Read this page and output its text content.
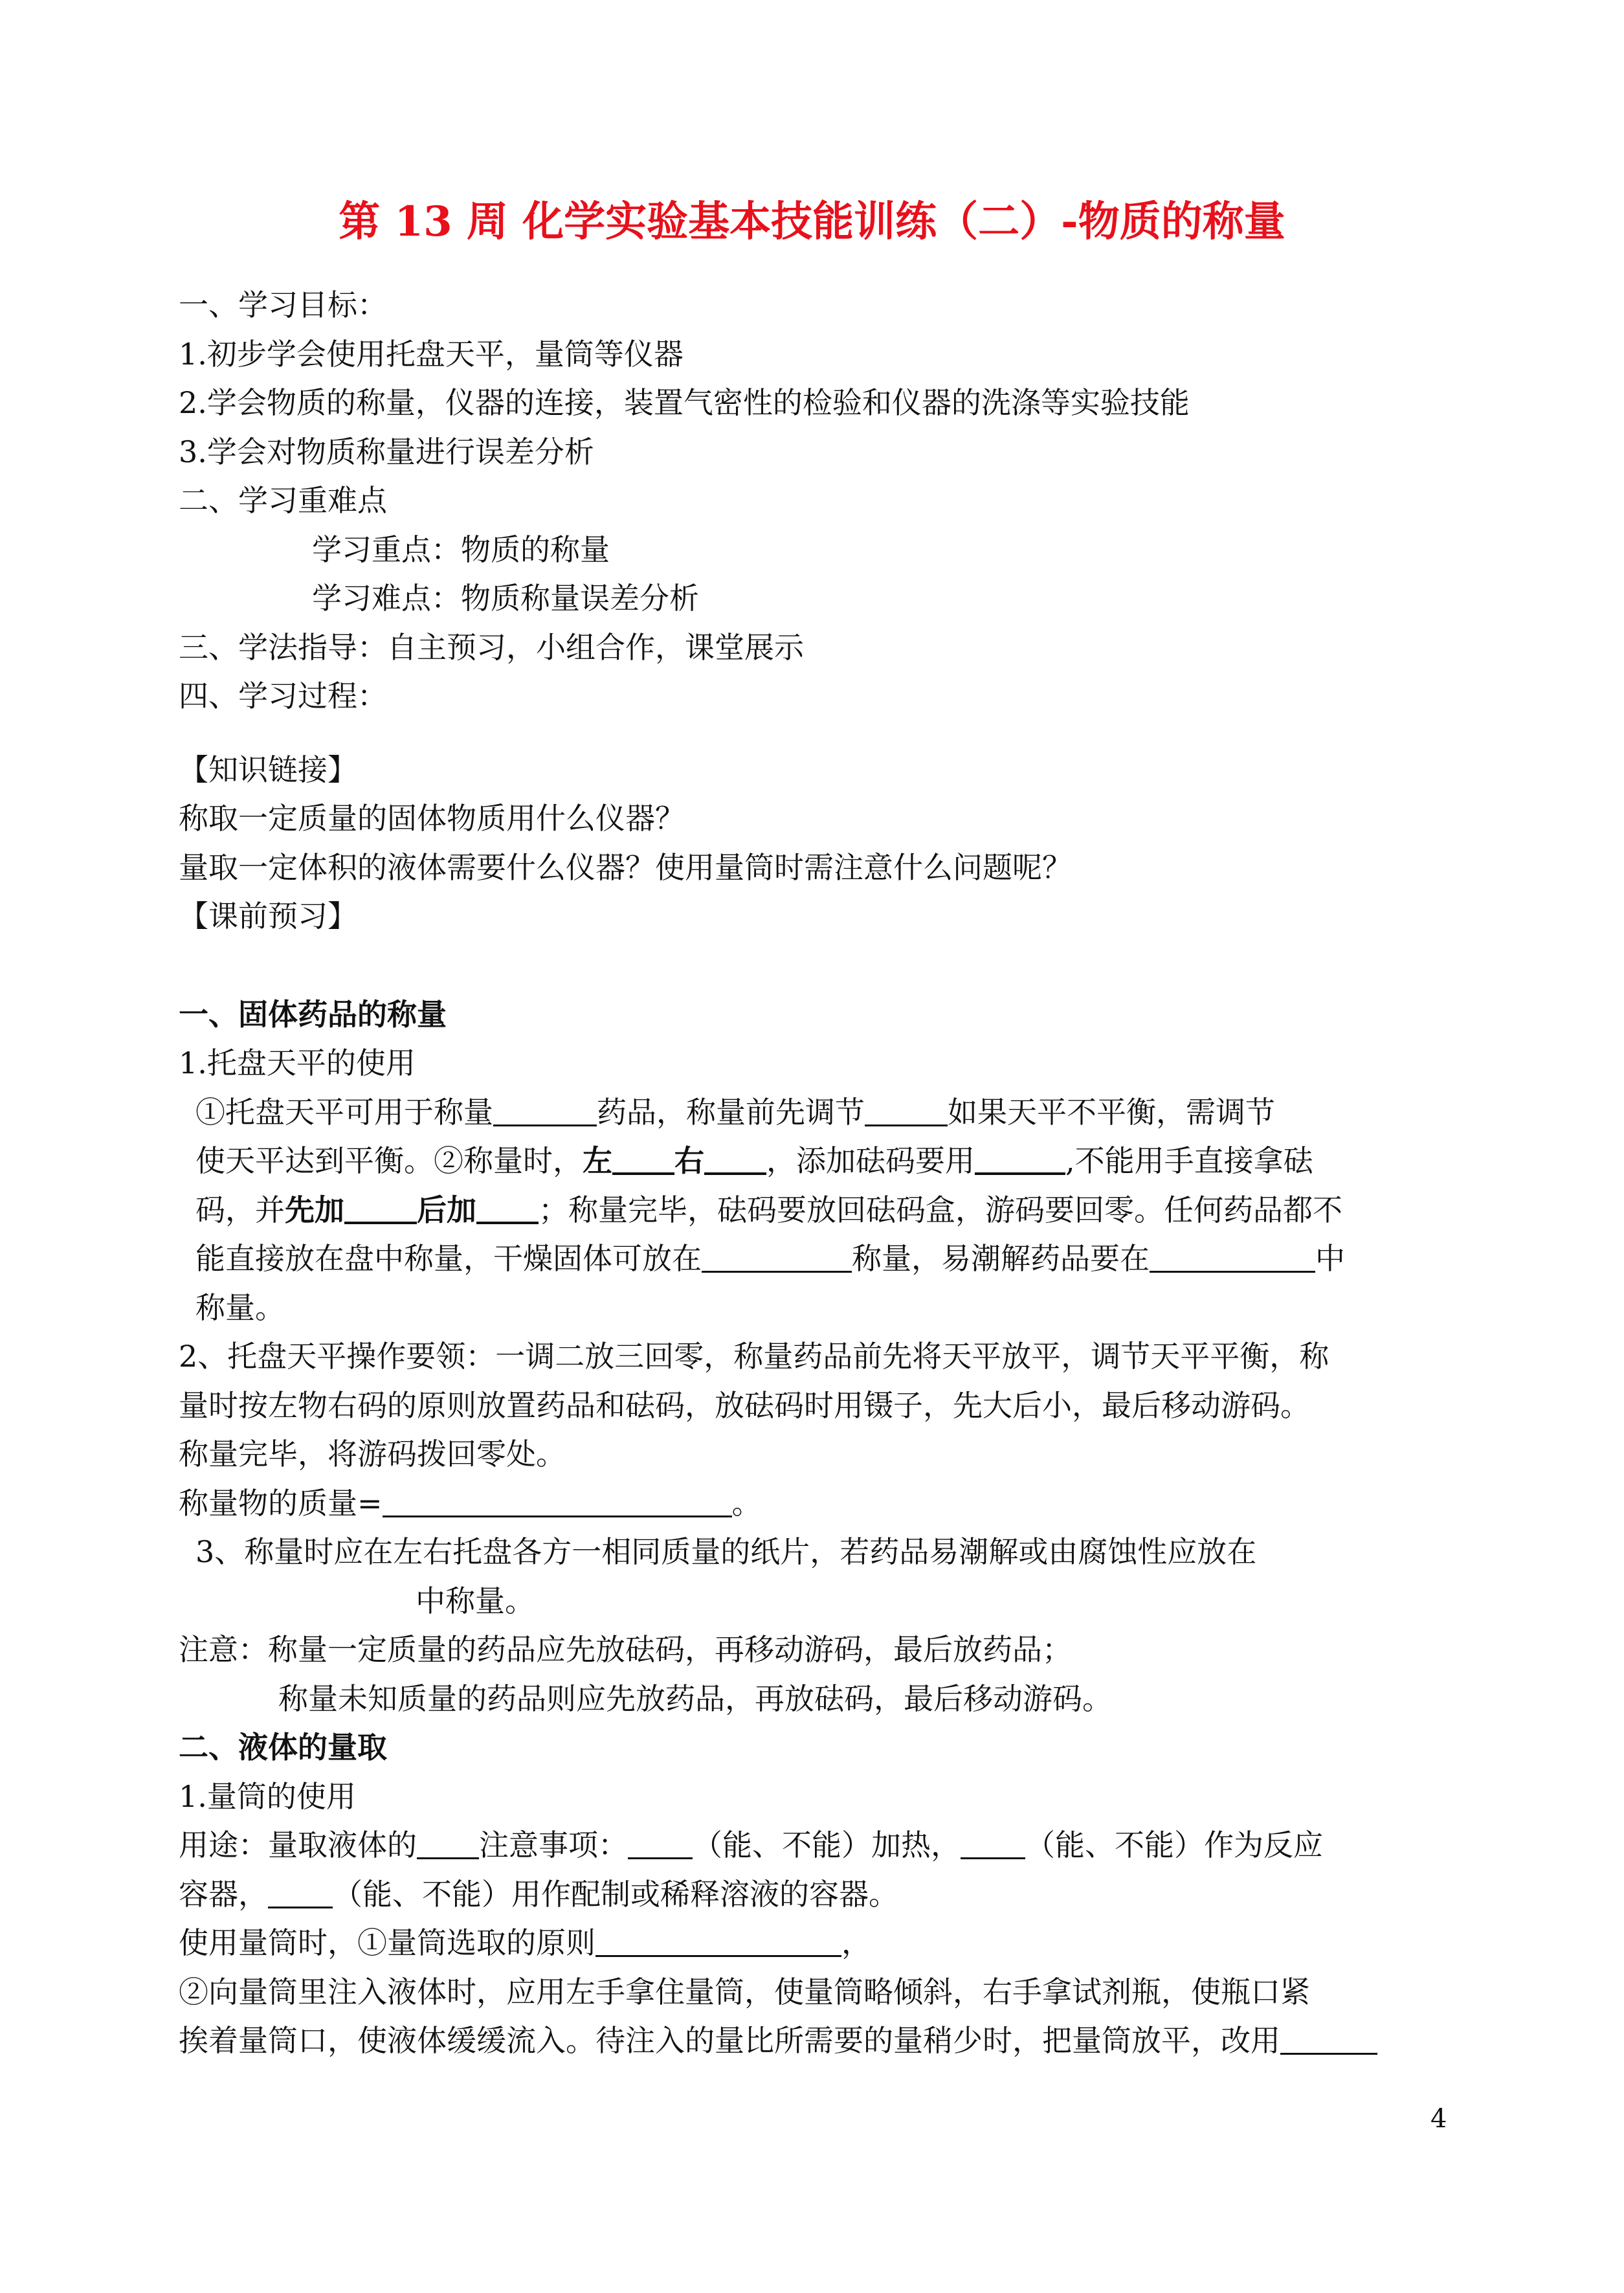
第 13 周 化学实验基本技能训练（二）-物质的称量
一、学习目标：
1.初步学会使用托盘天平，量筒等仪器
2.学会物质的称量，仪器的连接，装置气密性的检验和仪器的洗涤等实验技能
3.学会对物质称量进行误差分析
二、学习重难点
学习重点：物质的称量
学习难点：物质称量误差分析
三、学法指导：自主预习，小组合作，课堂展示
四、学习过程：
【知识链接】
称取一定质量的固体物质用什么仪器？
量取一定体积的液体需要什么仪器？使用量筒时需注意什么问题呢？
【课前预习】
一、固体药品的称量
1.托盘天平的使用
①托盘天平可用于称量	药品，称量前先调节	如果天平不平衡，需调节
使天平达到平衡。②称量时，左 右 ，添加砝码要用	,不能用手直接拿砝
码，并先加 后加 ；称量完毕，砝码要放回砝码盒，游码要回零。任何药品都不
能直接放在盘中称量，干燥固体可放在	称量，易潮解药品要在	中
称量。
2、托盘天平操作要领：一调二放三回零，称量药品前先将天平放平，调节天平平衡，称
量时按左物右码的原则放置药品和砝码，放砝码时用镊子，先大后小，最后移动游码。
称量完毕，将游码拨回零处。
称量物的质量=	。
3、称量时应在左右托盘各方一相同质量的纸片，若药品易潮解或由腐蚀性应放在
中称量。
注意：称量一定质量的药品应先放砝码，再移动游码，最后放药品；
称量未知质量的药品则应先放药品，再放砝码，最后移动游码。
二、液体的量取
1.量筒的使用
用途：量取液体的 注意事项： （能、不能）加热， （能、不能）作为反应
容器， （能、不能）用作配制或稀释溶液的容器。
使用量筒时，①量筒选取的原则	，
②向量筒里注入液体时，应用左手拿住量筒，使量筒略倾斜，右手拿试剂瓶，使瓶口紧
挨着量筒口，使液体缓缓流入。待注入的量比所需要的量稍少时，把量筒放平，改用
4
